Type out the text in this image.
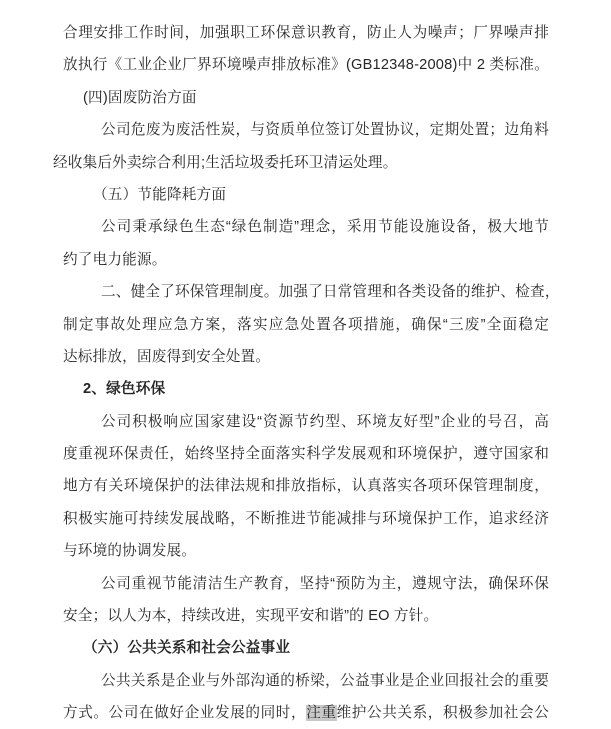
合理安排工作时间，加强职工环保意识教育，防止人为噪声；厂界噪声排
放执行《工业企业厂界环境噪声排放标准》(GB12348-2008)中 2 类标准。
(四)固废防治方面
公司危废为废活性炭，与资质单位签订处置协议，定期处置；边角料
经收集后外卖综合利用;生活垃圾委托环卫清运处理。
（五）节能降耗方面
公司秉承绿色生态“绿色制造”理念，采用节能设施设备，极大地节
约了电力能源。
二、健全了环保管理制度。加强了日常管理和各类设备的维护、检查，
制定事故处理应急方案，落实应急处置各项措施，确保“三废”全面稳定
达标排放，固废得到安全处置。
2、绿色环保
公司积极响应国家建设“资源节约型、环境友好型”企业的号召，高
度重视环保责任，始终坚持全面落实科学发展观和环境保护，遵守国家和
地方有关环境保护的法律法规和排放指标，认真落实各项环保管理制度，
积极实施可持续发展战略，不断推进节能减排与环境保护工作，追求经济
与环境的协调发展。
公司重视节能清洁生产教育，坚持“预防为主，遵规守法，确保环保
安全；以人为本，持续改进，实现平安和谐”的 EO 方针。
（六）公共关系和社会公益事业
公共关系是企业与外部沟通的桥梁，公益事业是企业回报社会的重要
方式。公司在做好企业发展的同时，注重维护公共关系，积极参加社会公
